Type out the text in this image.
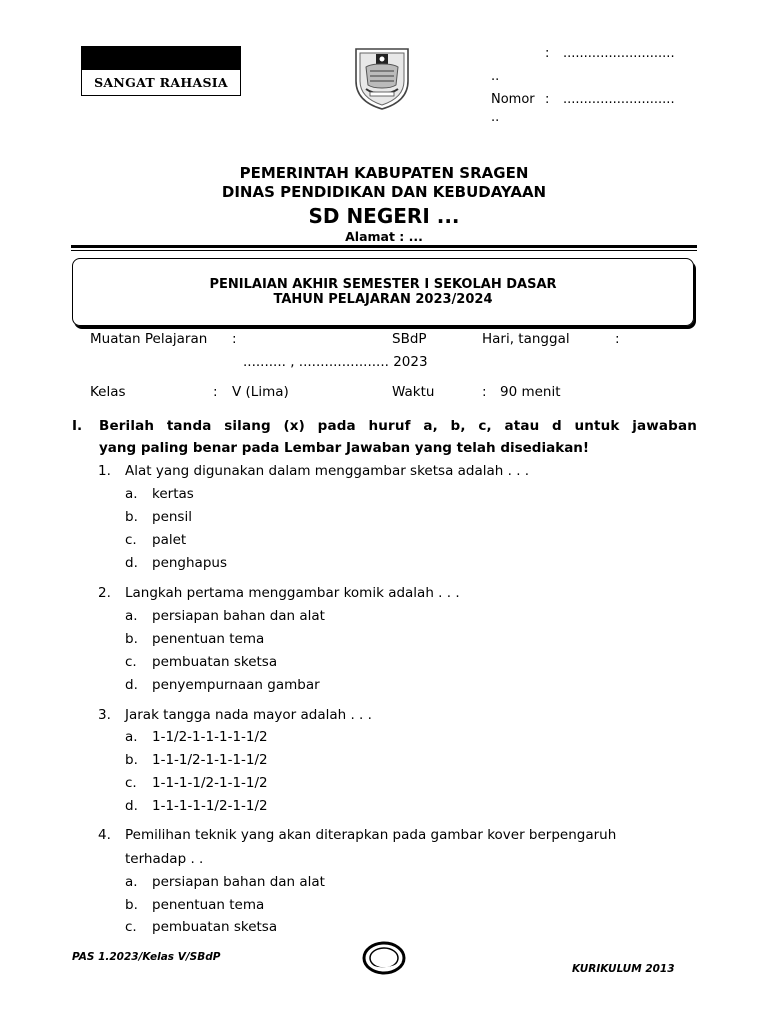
SANGAT RAHASIA
: ...........................
..
Nomor : ...........................
..
PEMERINTAH KABUPATEN SRAGEN
DINAS PENDIDIKAN DAN KEBUDAYAAN
SD NEGERI ...
Alamat : ...
PENILAIAN AKHIR SEMESTER I SEKOLAH DASAR
TAHUN PELAJARAN 2023/2024
Muatan Pelajaran :	SBdP	Hari, tanggal	:
.......... , ..................... 2023
Kelas	: V (Lima)	Waktu	: 90 menit
I.	Berilah tanda silang (x) pada huruf a, b, c, atau d untuk jawaban
yang paling benar pada Lembar Jawaban yang telah disediakan!
1. Alat yang digunakan dalam menggambar sketsa adalah . . .
a. kertas
b. pensil
c. palet
d. penghapus
2. Langkah pertama menggambar komik adalah . . .
a. persiapan bahan dan alat
b. penentuan tema
c. pembuatan sketsa
d. penyempurnaan gambar
3. Jarak tangga nada mayor adalah . . .
a. 1-1/2-1-1-1-1-1/2
b. 1-1-1/2-1-1-1-1/2
c. 1-1-1-1/2-1-1-1/2
d. 1-1-1-1-1/2-1-1/2
4. Pemilihan teknik yang akan diterapkan pada gambar kover berpengaruh
terhadap . .
a. persiapan bahan dan alat
b. penentuan tema
c. pembuatan sketsa
PAS 1.2023/Kelas V/SBdP
KURIKULUM 2013
